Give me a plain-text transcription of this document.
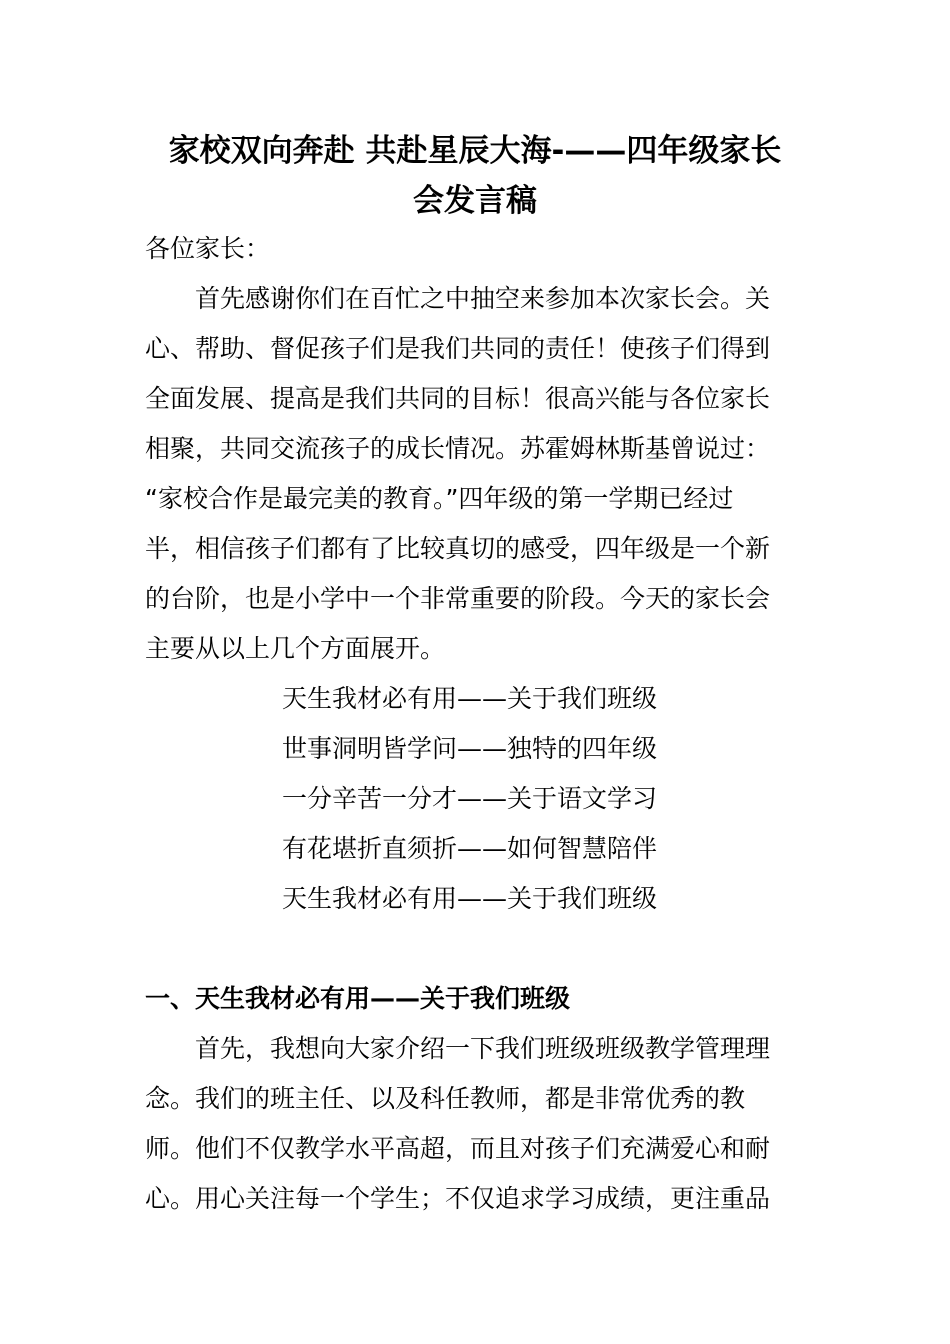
家校双向奔赴 共赴星辰大海-——四年级家长
会发言稿
各位家长：
首先感谢你们在百忙之中抽空来参加本次家长会。关
心、帮助、督促孩子们是我们共同的责任！使孩子们得到
全面发展、提高是我们共同的目标！很高兴能与各位家长
相聚，共同交流孩子的成长情况。苏霍姆林斯基曾说过：
“家校合作是最完美的教育。”四年级的第一学期已经过
半，相信孩子们都有了比较真切的感受，四年级是一个新
的台阶，也是小学中一个非常重要的阶段。今天的家长会
主要从以上几个方面展开。
天生我材必有用——关于我们班级
世事洞明皆学问——独特的四年级
一分辛苦一分才——关于语文学习
有花堪折直须折——如何智慧陪伴
天生我材必有用——关于我们班级
一、天生我材必有用——关于我们班级
首先，我想向大家介绍一下我们班级班级教学管理理
念。我们的班主任、以及科任教师，都是非常优秀的教
师。他们不仅教学水平高超，而且对孩子们充满爱心和耐
心。用心关注每一个学生；不仅追求学习成绩，更注重品
